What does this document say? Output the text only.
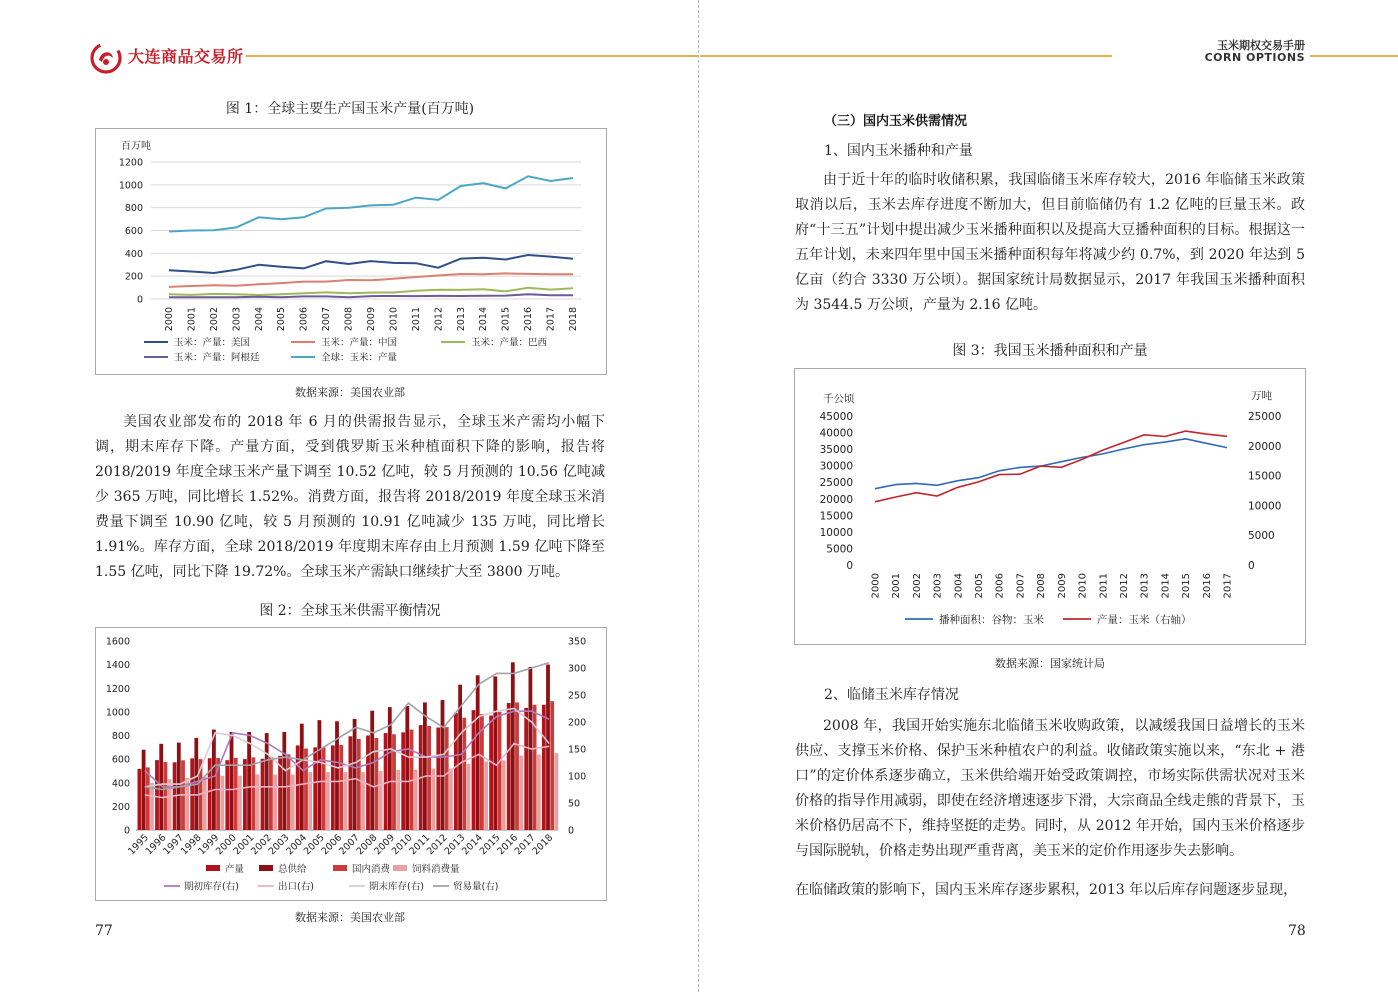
大连商品交易所
图 1：全球主要生产国玉米产量(百万吨)
百万吨
0
200
400
600
800
1000
1200
2000 2001 2002 2003 2004 2005 2006 2007 2008 2009 2010 2011 2012 2013 2014 2015 2016 2017 2018
玉米：产量：美国	玉米：产量：中国	玉米：产量：巴西
玉米：产量：阿根廷	全球：玉米：产量
数据来源：美国农业部

美国农业部发布的 2018 年 6 月的供需报告显示，全球玉米产需均小幅下调，期末库存下降。产量方面，受到俄罗斯玉米种植面积下降的影响，报告将 2018/2019 年度全球玉米产量下调至 10.52 亿吨，较 5 月预测的 10.56 亿吨减少 365 万吨，同比增长 1.52%。消费方面，报告将 2018/2019 年度全球玉米消费量下调至 10.90 亿吨，较 5 月预测的 10.91 亿吨减少 135 万吨，同比增长 1.91%。库存方面，全球 2018/2019 年度期末库存由上月预测 1.59 亿吨下降至 1.55 亿吨，同比下降 19.72%。全球玉米产需缺口继续扩大至 3800 万吨。

图 2：全球玉米供需平衡情况
0
200
400
600
800
1000
1200
1400
1600
0
50
100
150
200
250
300
350
1995
1996
1997
1998
1999
2000
2001
2002
2003
2004
2005
2006
2007
2008
2009
2010
2011
2012
2013
2014
2015
2016
2017
2018
产量	总供给	国内消费 饲料消费量
期初库存(右)	出口(右)	期末库存(右)	贸易量(右)
数据来源：美国农业部
77
玉米期权交易手册
CORN OPTIONS
（三）国内玉米供需情况
1、国内玉米播种和产量

由于近十年的临时收储积累，我国临储玉米库存较大，2016 年临储玉米政策取消以后，玉米去库存进度不断加大，但目前临储仍有 1.2 亿吨的巨量玉米。政府“十三五”计划中提出减少玉米播种面积以及提高大豆播种面积的目标。根据这一五年计划，未来四年里中国玉米播种面积每年将减少约 0.7%，到 2020 年达到 5 亿亩（约合 3330 万公顷）。据国家统计局数据显示，2017 年我国玉米播种面积为 3544.5 万公顷，产量为 2.16 亿吨。

图 3：我国玉米播种面积和产量
千公顷	万吨
0
5000
10000
15000
20000
25000
30000
35000
40000
45000
0
5000
10000
15000
20000
25000
2000 2001 2002 2003 2004 2005 2006 2007 2008 2009 2010 2011 2012 2013 2014 2015 2016 2017
播种面积：谷物：玉米	产量：玉米（右轴）
数据来源：国家统计局
2、临储玉米库存情况

2008 年，我国开始实施东北临储玉米收购政策，以减缓我国日益增长的玉米供应、支撑玉米价格、保护玉米种植农户的利益。收储政策实施以来，“东北 + 港口”的定价体系逐步确立，玉米供给端开始受政策调控，市场实际供需状况对玉米价格的指导作用减弱，即使在经济增速逐步下滑，大宗商品全线走熊的背景下，玉米价格仍居高不下，维持坚挺的走势。同时，从 2012 年开始，国内玉米价格逐步与国际脱轨，价格走势出现严重背离，美玉米的定价作用逐步失去影响。

在临储政策的影响下，国内玉米库存逐步累积，2013 年以后库存问题逐步显现，

78
